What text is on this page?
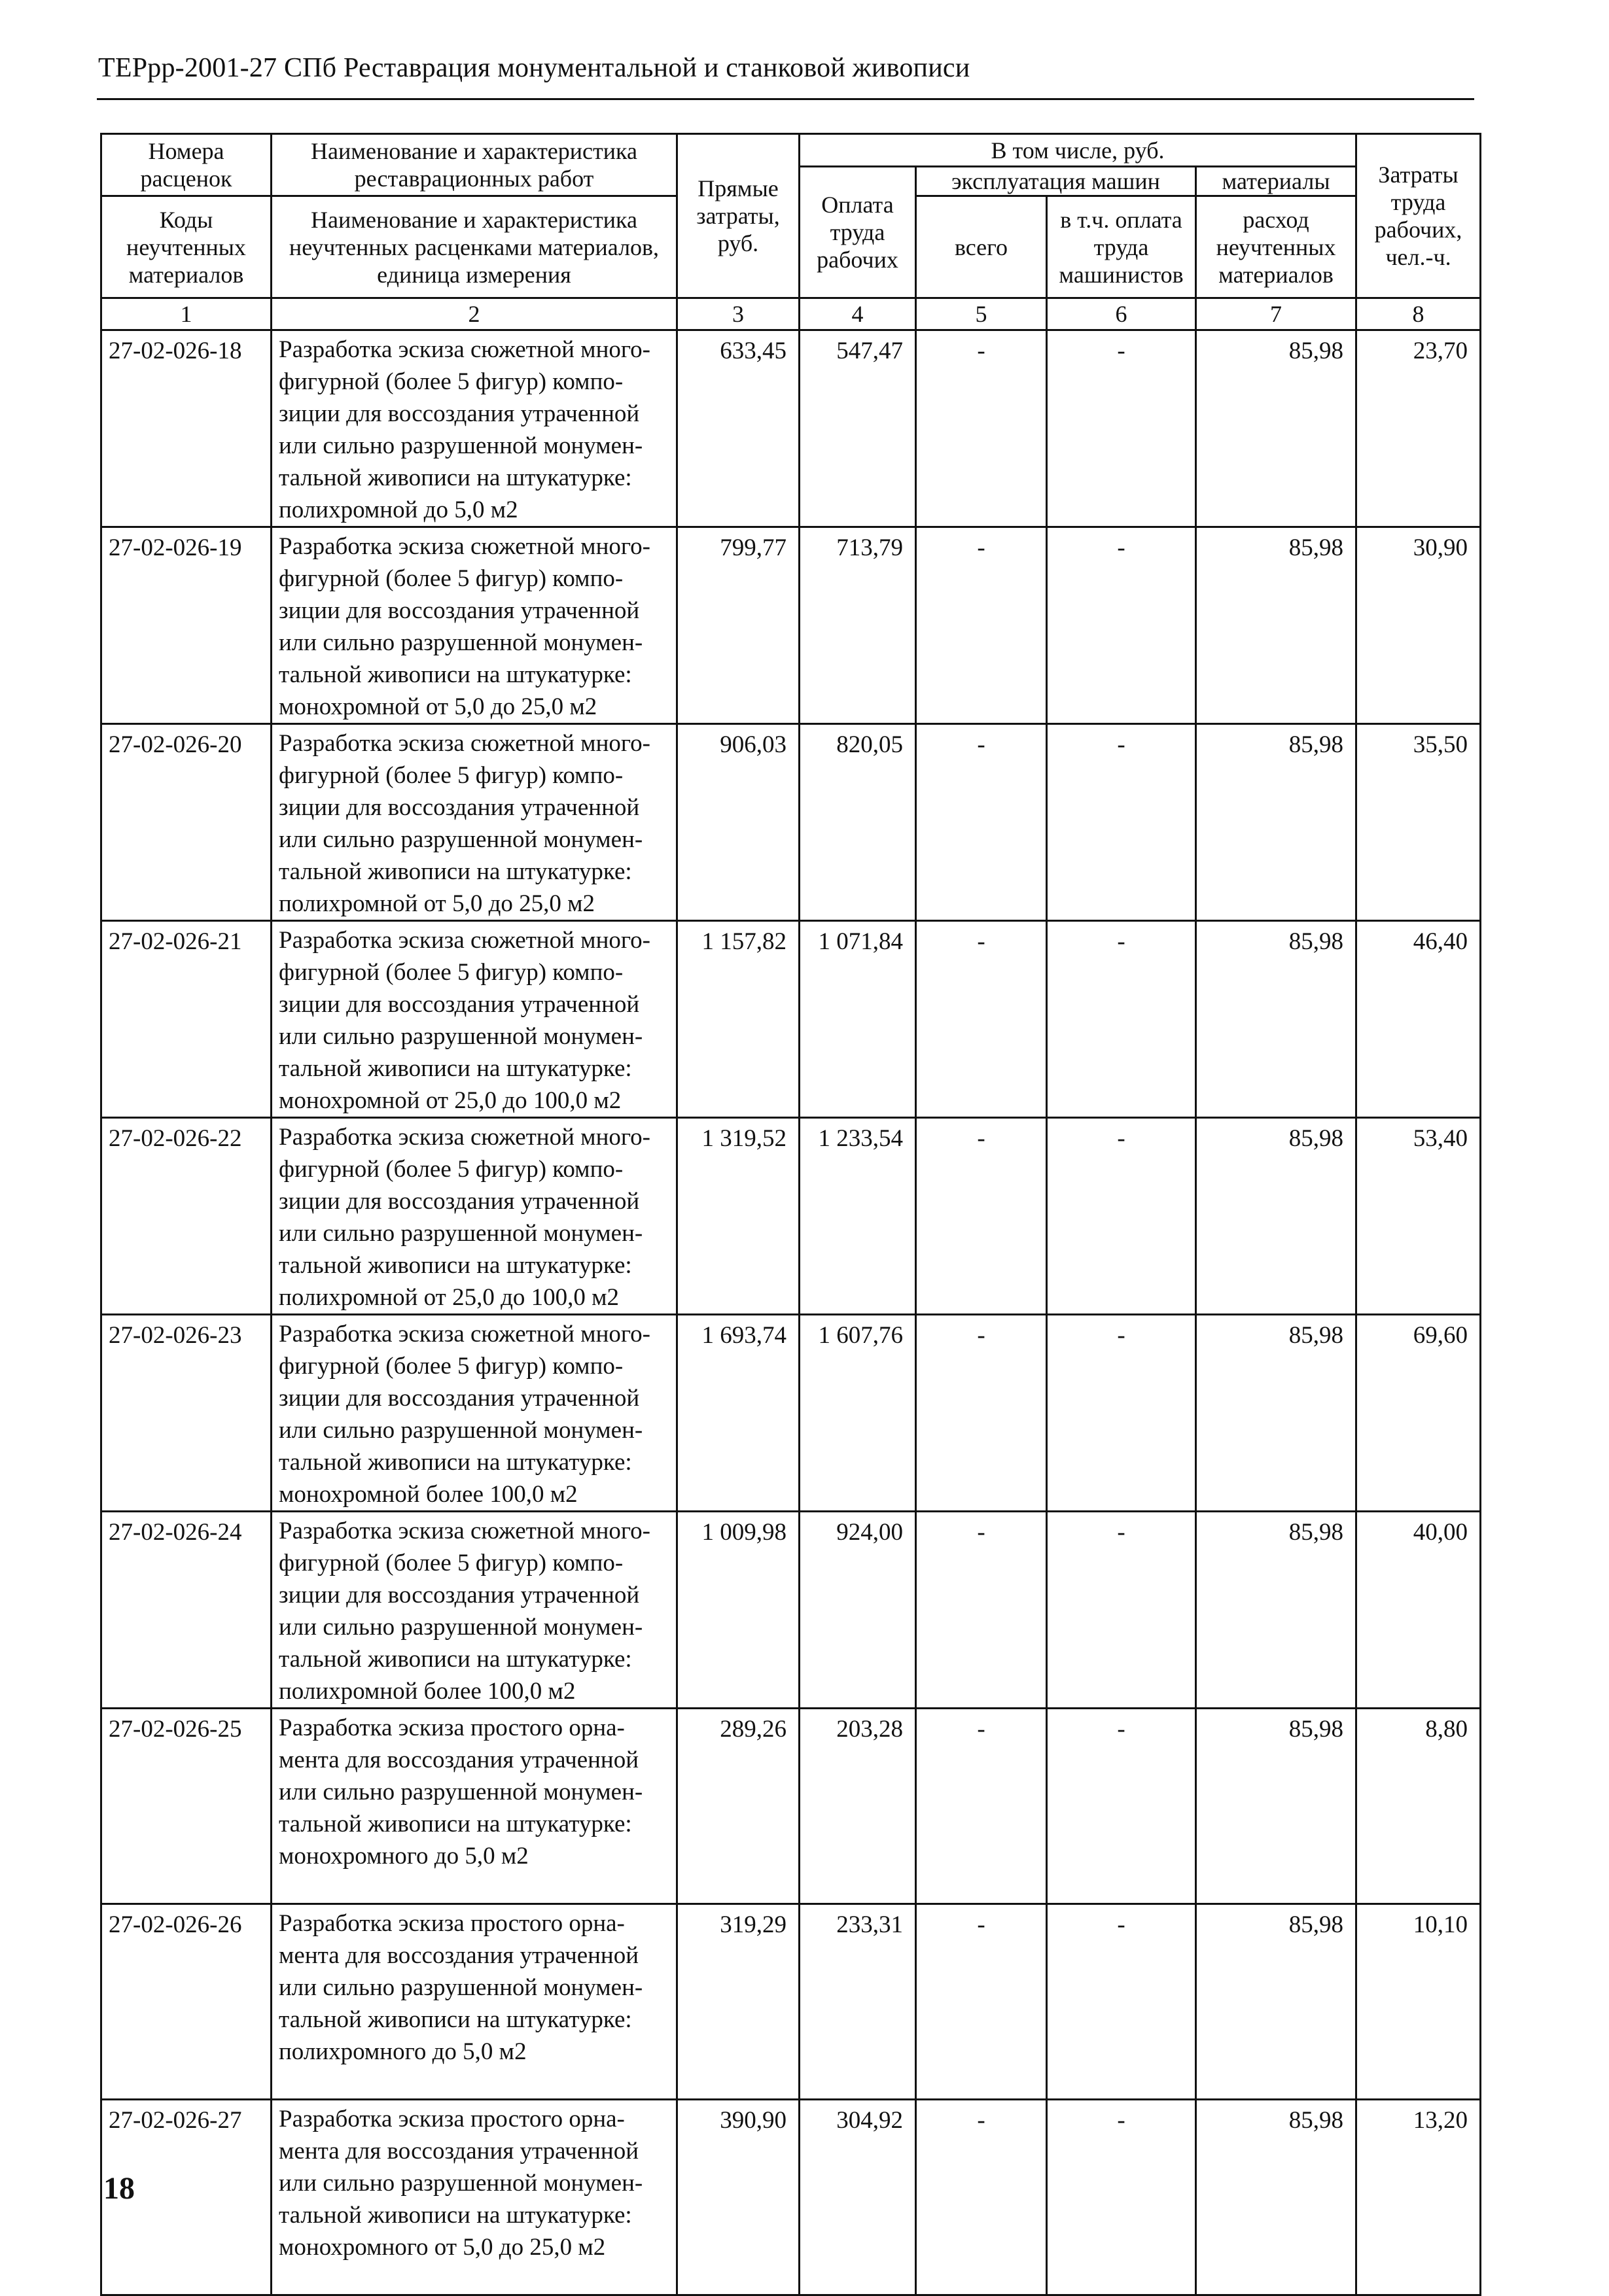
ТЕРрр-2001-27 СПб Реставрация монументальной и станковой живописи
Номера расценок	Наименование и характеристика реставрационных работ	Прямые затраты, руб.	В том числе, руб.				Затраты труда рабочих, чел.-ч.
			Оплата труда рабочих	эксплуатация машин		материалы	
Коды неучтенных материалов	Наименование и характеристика неучтенных расценками материалов, единица измерения			всего	в т.ч. оплата труда машинистов	расход неучтенных материалов	

1	2	3	4	5	6	7	8
27-02-026-18	Разработка эскиза сюжетной много-фигурной (более 5 фигур) компо-зиции для воссоздания утраченной или сильно разрушенной монумен-тальной живописи на штукатурке: полихромной до 5,0 м2	633,45	547,47	-	-	85,98	23,70
27-02-026-19	Разработка эскиза сюжетной много-фигурной (более 5 фигур) компо-зиции для воссоздания утраченной или сильно разрушенной монумен-тальной живописи на штукатурке: монохромной от 5,0 до 25,0 м2	799,77	713,79	-	-	85,98	30,90
27-02-026-20	Разработка эскиза сюжетной много-фигурной (более 5 фигур) компо-зиции для воссоздания утраченной или сильно разрушенной монумен-тальной живописи на штукатурке: полихромной от 5,0 до 25,0 м2	906,03	820,05	-	-	85,98	35,50
27-02-026-21	Разработка эскиза сюжетной много-фигурной (более 5 фигур) компо-зиции для воссоздания утраченной или сильно разрушенной монумен-тальной живописи на штукатурке: монохромной от 25,0 до 100,0 м2	1 157,82	1 071,84	-	-	85,98	46,40
27-02-026-22	Разработка эскиза сюжетной много-фигурной (более 5 фигур) компо-зиции для воссоздания утраченной или сильно разрушенной монумен-тальной живописи на штукатурке: полихромной от 25,0 до 100,0 м2	1 319,52	1 233,54	-	-	85,98	53,40
27-02-026-23	Разработка эскиза сюжетной много-фигурной (более 5 фигур) компо-зиции для воссоздания утраченной или сильно разрушенной монумен-тальной живописи на штукатурке: монохромной более 100,0 м2	1 693,74	1 607,76	-	-	85,98	69,60
27-02-026-24	Разработка эскиза сюжетной много-фигурной (более 5 фигур) компо-зиции для воссоздания утраченной или сильно разрушенной монумен-тальной живописи на штукатурке: полихромной более 100,0 м2	1 009,98	924,00	-	-	85,98	40,00
27-02-026-25	Разработка эскиза простого орна-мента для воссоздания утраченной или сильно разрушенной монумен-тальной живописи на штукатурке: монохромного до 5,0 м2	289,26	203,28	-	-	85,98	8,80
27-02-026-26	Разработка эскиза простого орна-мента для воссоздания утраченной или сильно разрушенной монумен-тальной живописи на штукатурке: полихромного до 5,0 м2	319,29	233,31	-	-	85,98	10,10
27-02-026-27	Разработка эскиза простого орна-мента для воссоздания утраченной или сильно разрушенной монумен-тальной живописи на штукатурке: монохромного от 5,0 до 25,0 м2	390,90	304,92	-	-	85,98	13,20
18
